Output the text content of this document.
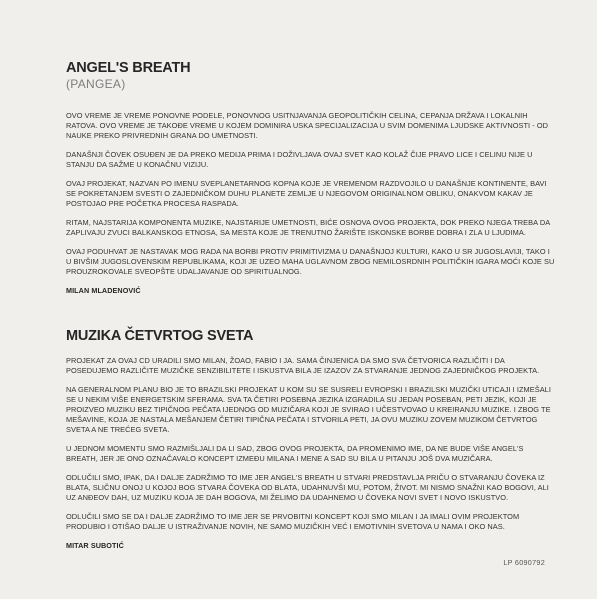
ANGEL'S BREATH
(PANGEA)

OVO VREME JE VREME PONOVNE PODELE, PONOVNOG USITNJAVANJA GEOPOLITIČKIH CELINA, CEPANJA DRŽAVA I LOKALNIH RATOVA. OVO VREME JE TAKOĐE VREME U KOJEM DOMINIRA USKA SPECIJALIZACIJA U SVIM DOMENIMA LJUDSKE AKTIVNOSTI - OD NAUKE PREKO PRIVREDNIH GRANA DO UMETNOSTI.

DANAŠNJI ČOVEK OSUĐEN JE DA PREKO MEDIJA PRIMA I DOŽIVLJAVA OVAJ SVET KAO KOLAŽ ČIJE PRAVO LICE I CELINU NIJE U STANJU DA SAŽME U KONAČNU VIZIJU.

OVAJ PROJEKAT, NAZVAN PO IMENU SVEPLANETARNOG KOPNA KOJE JE VREMENOM RAZDVOJILO U DANAŠNJE KONTINENTE, BAVI SE POKRETANJEM SVESTI O ZAJEDNIČKOM DUHU PLANETE ZEMLJE U NJEGOVOM ORIGINALNOM OBLIKU, ONAKVOM KAKAV JE POSTOJAO PRE POČETKA PROCESA RASPADA.

RITAM, NAJSTARIJA KOMPONENTA MUZIKE, NAJSTARIJE UMETNOSTI, BIĆE OSNOVA OVOG PROJEKTA, DOK PREKO NJEGA TREBA DA ZAPLIVAJU ZVUCI BALKANSKOG ETNOSA, SA MESTA KOJE JE TRENUTNO ŽARIŠTE ISKONSKE BORBE DOBRA I ZLA U LJUDIMA.

OVAJ PODUHVAT JE NASTAVAK MOG RADA NA BORBI PROTIV PRIMITIVIZMA U DANAŠNJOJ KULTURI, KAKO U SR JUGOSLAVIJI, TAKO I U BIVŠIM JUGOSLOVENSKIM REPUBLIKAMA, KOJI JE UZEO MAHA UGLAVNOM ZBOG NEMILOSRDNIH POLITIČKIH IGARA MOĆI KOJE SU PROUZROKOVALE SVEOPŠTE UDALJAVANJE OD SPIRITUALNOG.

MILAN MLADENOVIĆ
MUZIKA ČETVRTOG SVETA

PROJEKAT ZA OVAJ CD URADILI SMO MILAN, ŽOAO, FABIO I JA. SAMA ČINJENICA DA SMO SVA ČETVORICA RAZLIČITI I DA POSEDUJEMO RAZLIČITE MUZIČKE SENZIBILITETE I ISKUSTVA BILA JE IZAZOV ZA STVARANJE JEDNOG ZAJEDNIČKOG PROJEKTA.

NA GENERALNOM PLANU BIO JE TO BRAZILSKI PROJEKAT U KOM SU SE SUSRELI EVROPSKI I BRAZILSKI MUZIČKI UTICAJI I IZMEŠALI SE U NEKIM VIŠE ENERGETSKIM SFERAMA. SVA TA ČETIRI POSEBNA JEZIKA IZGRADILA SU JEDAN POSEBAN, PETI JEZIK, KOJI JE PROIZVEO MUZIKU BEZ TIPIČNOG PEČATA IJEDNOG OD MUZIČARA KOJI JE SVIRAO I UČESTVOVAO U KREIRANJU MUZIKE. I ZBOG TE MEŠAVINE, KOJA JE NASTALA MEŠANJEM ČETIRI TIPIČNA PEČATA I STVORILA PETI, JA OVU MUZIKU ZOVEM MUZIKOM ČETVRTOG SVETA A NE TREĆEG SVETA.

U JEDNOM MOMENTU SMO RAZMIŠLJALI DA LI SAD, ZBOG OVOG PROJEKTA, DA PROMENIMO IME, DA NE BUDE VIŠE ANGEL'S BREATH, JER JE ONO OZNAČAVALO KONCEPT IZMEĐU MILANA I MENE A SAD SU BILA U PITANJU JOŠ DVA MUZIČARA.

ODLUČILI SMO, IPAK, DA I DALJE ZADRŽIMO TO IME JER ANGEL'S BREATH U STVARI PREDSTAVLJA PRIČU O STVARANJU ČOVEKA IZ BLATA, SLIČNU ONOJ U KOJOJ BOG STVARA ČOVEKA OD BLATA, UDAHNUVŠI MU, POTOM, ŽIVOT. MI NISMO SNAŽNI KAO BOGOVI, ALI UZ ANĐEOV DAH, UZ MUZIKU KOJA JE DAH BOGOVA, MI ŽELIMO DA UDAHNEMO U ČOVEKA NOVI SVET I NOVO ISKUSTVO.

ODLUČILI SMO SE DA I DALJE ZADRŽIMO TO IME JER SE PRVOBITNI KONCEPT KOJI SMO MILAN I JA IMALI OVIM PROJEKTOM PRODUBIO I OTIŠAO DALJE U ISTRAŽIVANJE NOVIH, NE SAMO MUZIČKIH VEĆ I EMOTIVNIH SVETOVA U NAMA I OKO NAS.

MITAR SUBOTIĆ
LP 6090792
